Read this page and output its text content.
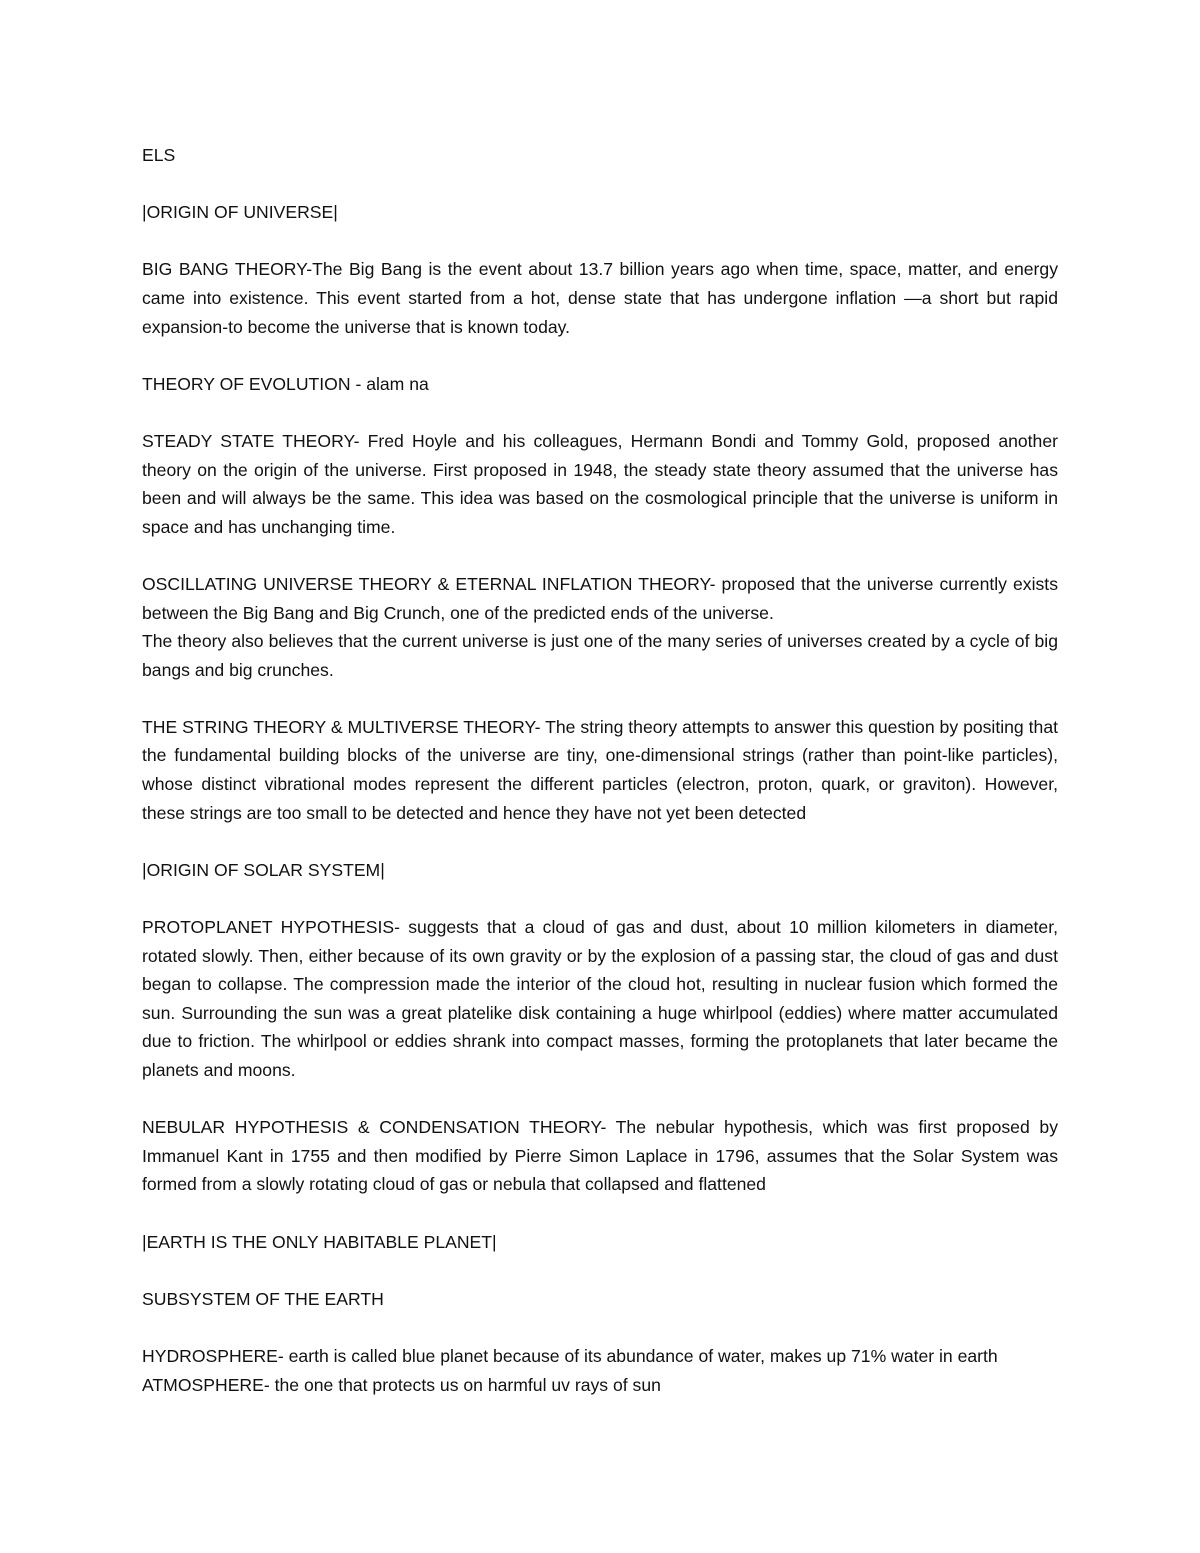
ELS

|ORIGIN OF UNIVERSE|

BIG BANG THEORY-The Big Bang is the event about 13.7 billion years ago when time, space, matter, and energy came into existence. This event started from a hot, dense state that has undergone inflation —a short but rapid expansion-to become the universe that is known today.

THEORY OF EVOLUTION - alam na

STEADY STATE THEORY- Fred Hoyle and his colleagues, Hermann Bondi and Tommy Gold, proposed another theory on the origin of the universe. First proposed in 1948, the steady state theory assumed that the universe has been and will always be the same. This idea was based on the cosmological principle that the universe is uniform in space and has unchanging time.

OSCILLATING UNIVERSE THEORY & ETERNAL INFLATION THEORY- proposed that the universe currently exists between the Big Bang and Big Crunch, one of the predicted ends of the universe.

The theory also believes that the current universe is just one of the many series of universes created by a cycle of big bangs and big crunches.

THE STRING THEORY & MULTIVERSE THEORY- The string theory attempts to answer this question by positing that the fundamental building blocks of the universe are tiny, one-dimensional strings (rather than point-like particles), whose distinct vibrational modes represent the different particles (electron, proton, quark, or graviton). However, these strings are too small to be detected and hence they have not yet been detected

|ORIGIN OF SOLAR SYSTEM|

PROTOPLANET HYPOTHESIS- suggests that a cloud of gas and dust, about 10 million kilometers in diameter, rotated slowly. Then, either because of its own gravity or by the explosion of a passing star, the cloud of gas and dust began to collapse. The compression made the interior of the cloud hot, resulting in nuclear fusion which formed the sun. Surrounding the sun was a great platelike disk containing a huge whirlpool (eddies) where matter accumulated due to friction. The whirlpool or eddies shrank into compact masses, forming the protoplanets that later became the planets and moons.

NEBULAR HYPOTHESIS & CONDENSATION THEORY- The nebular hypothesis, which was first proposed by Immanuel Kant in 1755 and then modified by Pierre Simon Laplace in 1796, assumes that the Solar System was formed from a slowly rotating cloud of gas or nebula that collapsed and flattened

|EARTH IS THE ONLY HABITABLE PLANET|

SUBSYSTEM OF THE EARTH

HYDROSPHERE- earth is called blue planet because of its abundance of water, makes up 71% water in earth

ATMOSPHERE- the one that protects us on harmful uv rays of sun
